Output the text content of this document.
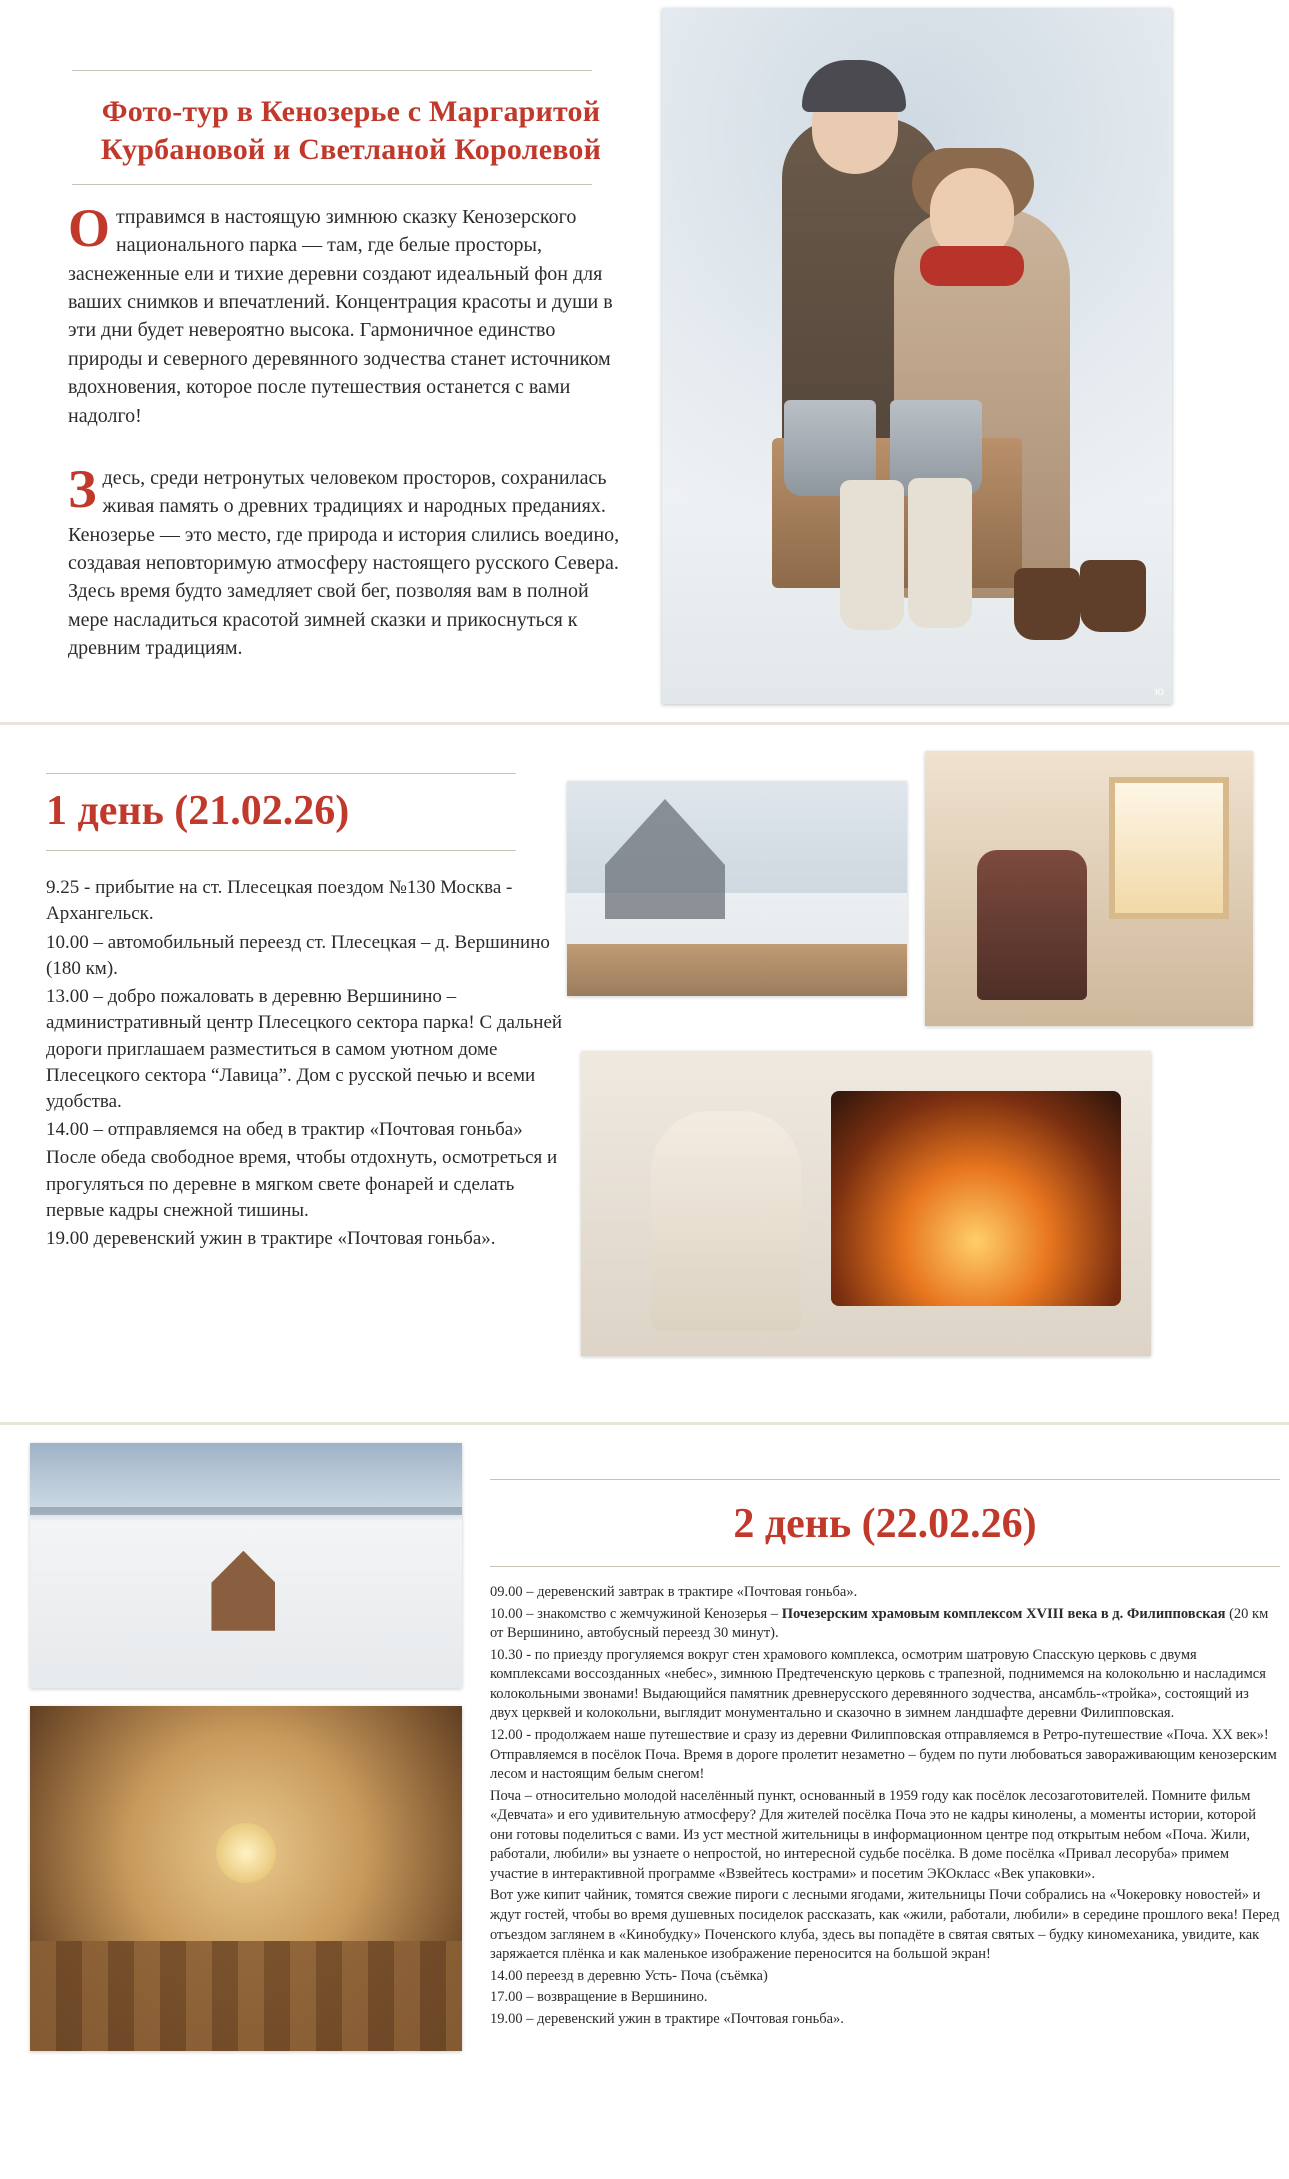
Фото-тур в Кенозерье с Маргаритой Курбановой и Светланой Королевой

Отправимся в настоящую зимнюю сказку Кенозерского национального парка — там, где белые просторы, заснеженные ели и тихие деревни создают идеальный фон для ваших снимков и впечатлений. Концентрация красоты и души в эти дни будет невероятно высока. Гармоничное единство природы и северного деревянного зодчества станет источником вдохновения, которое после путешествия останется с вами надолго!

Здесь, среди нетронутых человеком просторов, сохранилась живая память о древних традициях и народных преданиях. Кенозерье — это место, где природа и история слились воедино, создавая неповторимую атмосферу настоящего русского Севера. Здесь время будто замедляет свой бег, позволяя вам в полной мере насладиться красотой зимней сказки и прикоснуться к древним традициям.

ю
1 день (21.02.26)

9.25 - прибытие на ст. Плесецкая поездом №130 Москва - Архангельск.

10.00 – автомобильный переезд ст. Плесецкая – д. Вершинино (180 км).

13.00 – добро пожаловать в деревню Вершинино – административный центр Плесецкого сектора парка! С дальней дороги приглашаем разместиться в самом уютном доме Плесецкого сектора “Лавица”. Дом с русской печью и всеми удобства.

14.00 – отправляемся на обед в трактир «Почтовая гоньба»

После обеда свободное время, чтобы отдохнуть, осмотреться и прогуляться по деревне в мягком свете фонарей и сделать первые кадры снежной тишины.

19.00 деревенский ужин в трактире «Почтовая гоньба».

2 день (22.02.26)

09.00 – деревенский завтрак в трактире «Почтовая гоньба».

10.00 – знакомство с жемчужиной Кенозерья – Почезерским храмовым комплексом XVIII века в д. Филипповская (20 км от Вершинино, автобусный переезд 30 минут).

10.30 - по приезду прогуляемся вокруг стен храмового комплекса, осмотрим шатровую Спасскую церковь с двумя комплексами воссозданных «небес», зимнюю Предтеченскую церковь с трапезной, поднимемся на колокольню и насладимся колокольными звонами! Выдающийся памятник древнерусского деревянного зодчества, ансамбль-«тройка», состоящий из двух церквей и колокольни, выглядит монументально и сказочно в зимнем ландшафте деревни Филипповская.

12.00 - продолжаем наше путешествие и сразу из деревни Филипповская отправляемся в Ретро-путешествие «Поча. XX век»! Отправляемся в посёлок Поча. Время в дороге пролетит незаметно – будем по пути любоваться завораживающим кенозерским лесом и настоящим белым снегом!

Поча – относительно молодой населённый пункт, основанный в 1959 году как посёлок лесозаготовителей. Помните фильм «Девчата» и его удивительную атмосферу? Для жителей посёлка Поча это не кадры кинолены, а моменты истории, которой они готовы поделиться с вами. Из уст местной жительницы в информационном центре под открытым небом «Поча. Жили, работали, любили» вы узнаете о непростой, но интересной судьбе посёлка. В доме посёлка «Привал лесоруба» примем участие в интерактивной программе «Взвейтесь кострами» и посетим ЭКОкласс «Век упаковки».

Вот уже кипит чайник, томятся свежие пироги с лесными ягодами, жительницы Почи собрались на «Чокеровку новостей» и ждут гостей, чтобы во время душевных посиделок рассказать, как «жили, работали, любили» в середине прошлого века! Перед отъездом заглянем в «Кинобудку» Поченского клуба, здесь вы попадёте в святая святых – будку киномеханика, увидите, как заряжается плёнка и как маленькое изображение переносится на большой экран!

14.00 переезд в деревню Усть- Поча (съёмка)

17.00 – возвращение в Вершинино.

19.00 – деревенский ужин в трактире «Почтовая гоньба».
